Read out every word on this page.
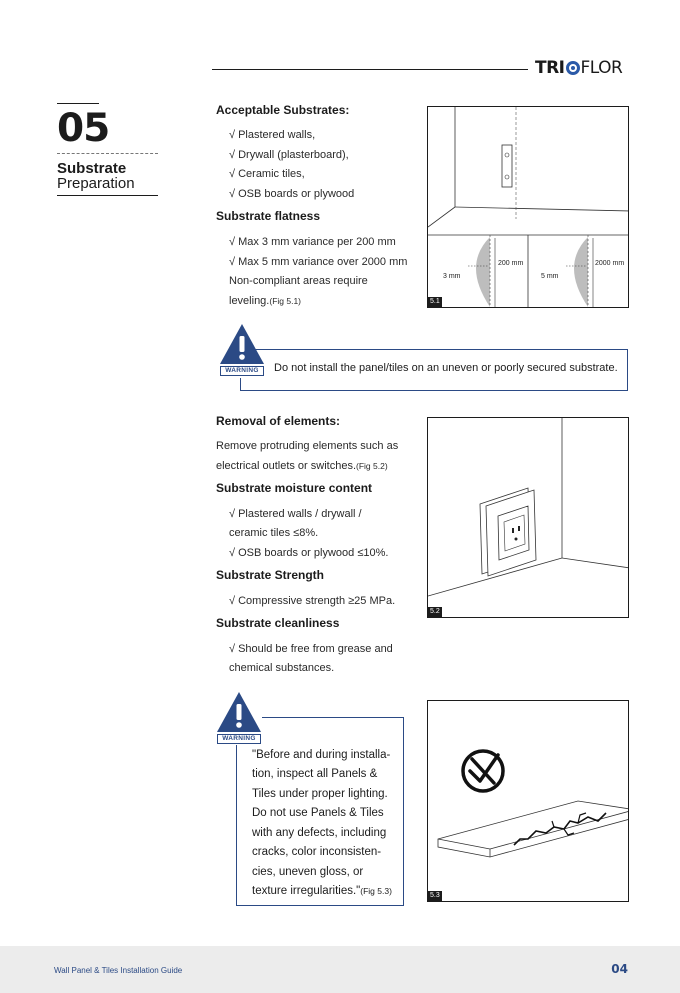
TRI FLOR
05
Substrate
Preparation
Acceptable Substrates:
√ Plastered walls,
√ Drywall (plasterboard),
√ Ceramic tiles,
√ OSB boards or plywood
Substrate flatness
√ Max 3 mm variance per 200 mm
√ Max 5 mm variance over 2000 mm
Non-compliant areas require
leveling.(Fig 5.1)
3 mm
200 mm
5 mm
2000 mm
5.1
WARNING	Do not install the panel/tiles on an uneven or poorly secured substrate.
Removal of elements:
Remove protruding elements such as
electrical outlets or switches.(Fig 5.2)
Substrate moisture content
√ Plastered walls / drywall /
ceramic tiles ≤8%.
√ OSB boards or plywood ≤10%.
Substrate Strength
√ Compressive strength ≥25 MPa.
Substrate cleanliness
√ Should be free from grease and
chemical substances.
5.2
WARNING
"Before and during installa-
tion, inspect all Panels &
Tiles under proper lighting.
Do not use Panels & Tiles
with any defects, including
cracks, color inconsisten-
cies, uneven gloss, or
texture irregularities."(Fig 5.3)	5.3
Wall Panel & Tiles Installation Guide	04
